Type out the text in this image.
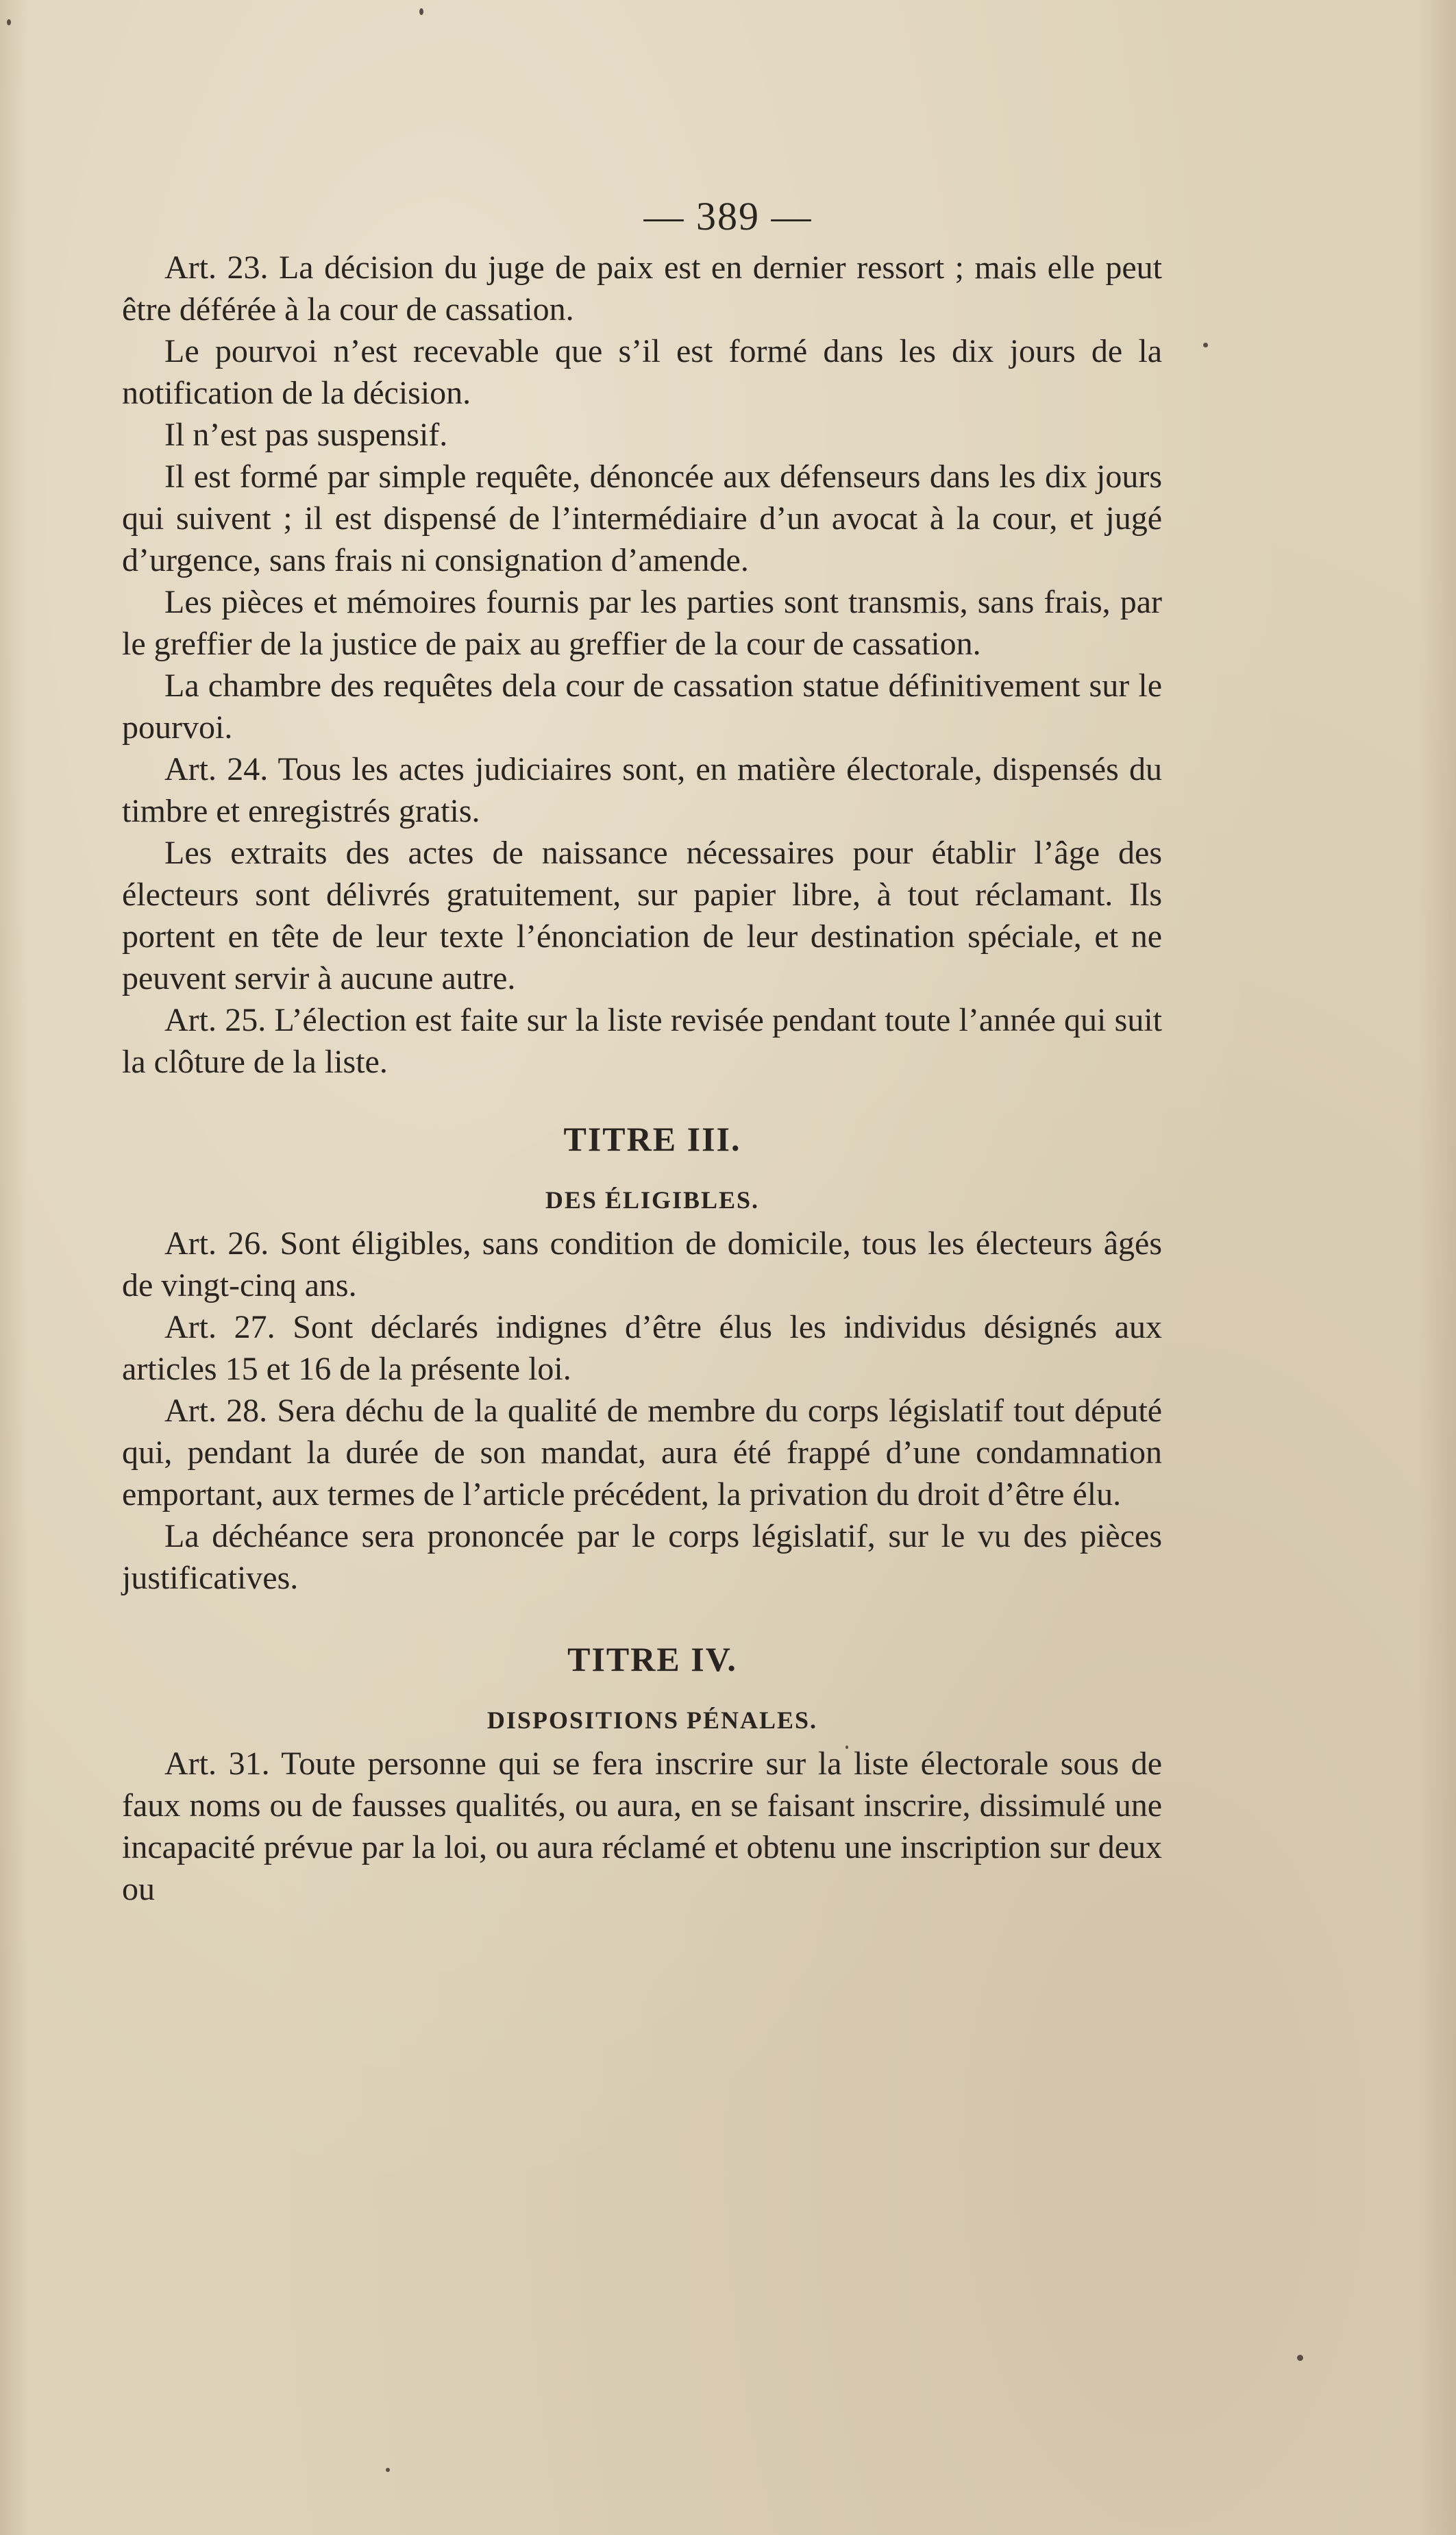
— 389 —

Art. 23. La décision du juge de paix est en dernier ressort ; mais elle peut être déférée à la cour de cassation.

Le pourvoi n’est recevable que s’il est formé dans les dix jours de la notification de la décision.

Il n’est pas suspensif.

Il est formé par simple requête, dénoncée aux défenseurs dans les dix jours qui suivent ; il est dispensé de l’intermédiaire d’un avocat à la cour, et jugé d’urgence, sans frais ni consignation d’amende.

Les pièces et mémoires fournis par les parties sont transmis, sans frais, par le greffier de la justice de paix au greffier de la cour de cassation.

La chambre des requêtes dela cour de cassation statue définitivement sur le pourvoi.

Art. 24. Tous les actes judiciaires sont, en matière électorale, dispensés du timbre et enregistrés gratis.

Les extraits des actes de naissance nécessaires pour établir l’âge des électeurs sont délivrés gratuitement, sur papier libre, à tout réclamant. Ils portent en tête de leur texte l’énonciation de leur destination spéciale, et ne peuvent servir à aucune autre.

Art. 25. L’élection est faite sur la liste revisée pendant toute l’année qui suit la clôture de la liste.

TITRE III.
DES ÉLIGIBLES.

Art. 26. Sont éligibles, sans condition de domicile, tous les électeurs âgés de vingt-cinq ans.

Art. 27. Sont déclarés indignes d’être élus les individus désignés aux articles 15 et 16 de la présente loi.

Art. 28. Sera déchu de la qualité de membre du corps législatif tout député qui, pendant la durée de son mandat, aura été frappé d’une condamnation emportant, aux termes de l’article précédent, la privation du droit d’être élu.

La déchéance sera prononcée par le corps législatif, sur le vu des pièces justificatives.

TITRE IV.
DISPOSITIONS PÉNALES.

Art. 31. Toute personne qui se fera inscrire sur la liste électorale sous de faux noms ou de fausses qualités, ou aura, en se faisant inscrire, dissimulé une incapacité prévue par la loi, ou aura réclamé et obtenu une inscription sur deux ou
